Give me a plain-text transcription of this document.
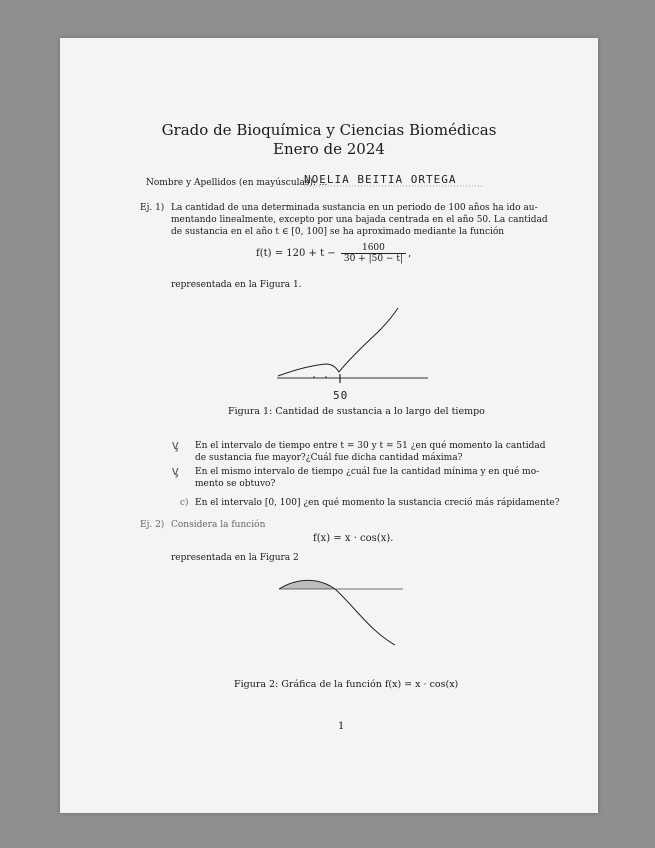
Grado de Bioquímica y Ciencias Biomédicas
Enero de 2024
Nombre y Apellidos (en mayúsculas): ...
NOELIA BEITIA ORTEGA
Ej. 1) La cantidad de una determinada sustancia en un periodo de 100 años ha ido au-
mentando linealmente, excepto por una bajada centrada en el año 50. La cantidad
de sustancia en el año t ∈ [0, 100] se ha aproximado mediante la función
$f(t) = 120 + t - \frac{1600}{30 + |50 - t|}$ ,
representada en la Figura 1.
50
Figura 1: Cantidad de sustancia a lo largo del tiempo
ᶌ En el intervalo de tiempo entre t = 30 y t = 51 ¿en qué momento la cantidad
de sustancia fue mayor?¿Cuál fue dicha cantidad máxima?
ᶌ En el mismo intervalo de tiempo ¿cuál fue la cantidad mínima y en qué mo-
mento se obtuvo?
c) En el intervalo [0, 100] ¿en qué momento la sustancia creció más rápidamente?
Ej. 2) Considera la función
f(x) = x · cos(x).
representada en la Figura 2
Figura 2: Gráfica de la función f(x) = x · cos(x)
1
